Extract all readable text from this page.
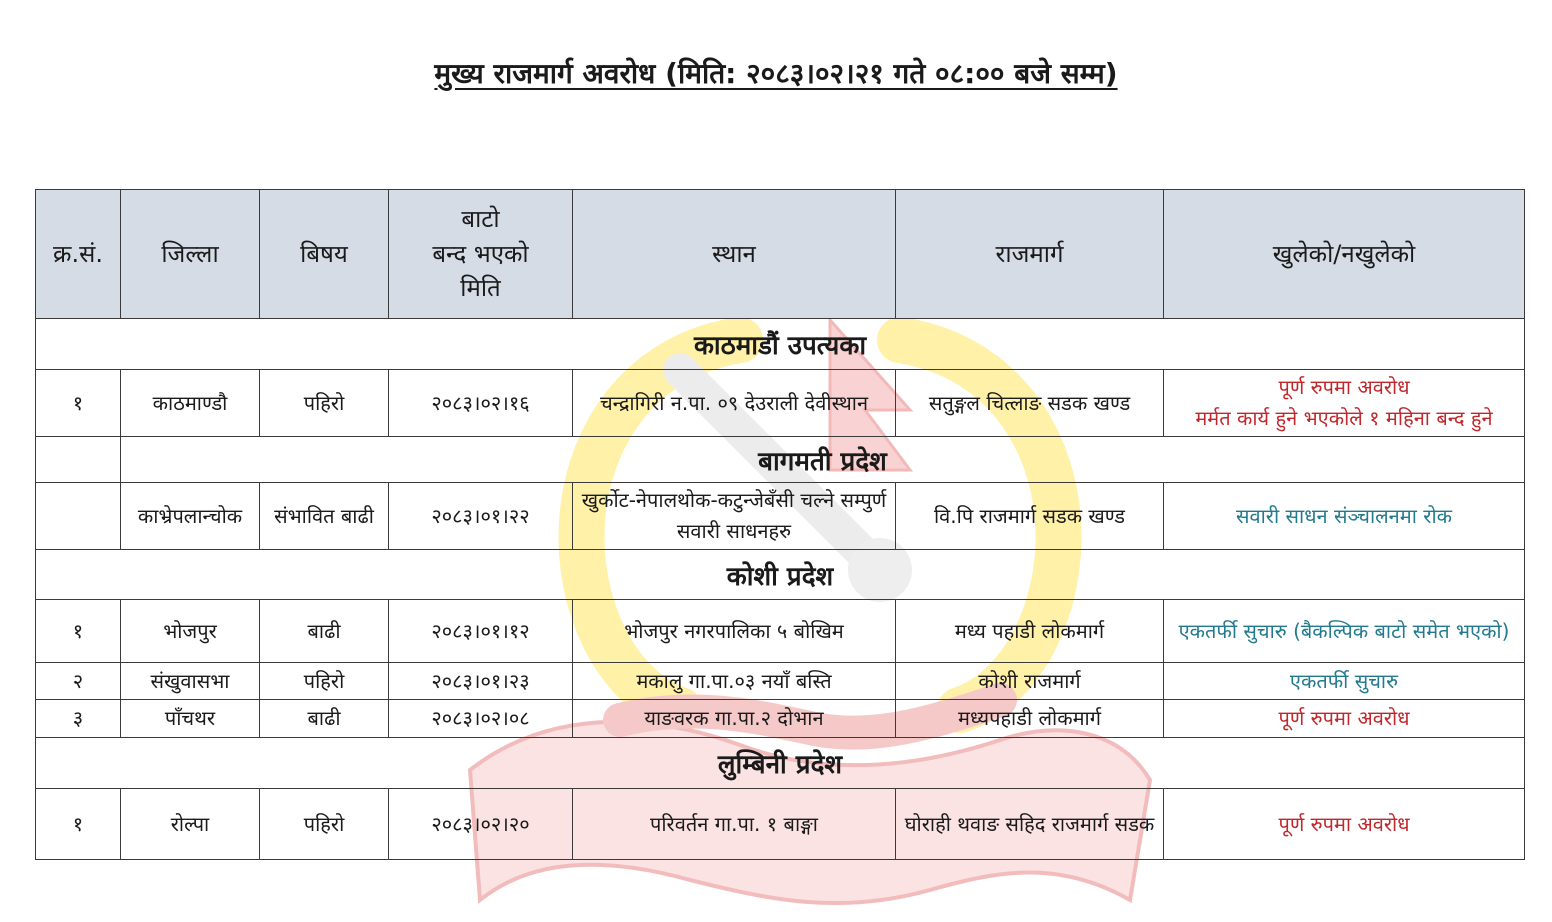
मुख्य राजमार्ग अवरोध (मिति: २०८३।०२।२१ गते ०८:०० बजे सम्म)
क्र.सं.	जिल्ला	बिषय	बाटो
बन्द भएको
मिति	स्थान	राजमार्ग	खुलेको/नखुलेको
काठमाडौं उपत्यका						
१	काठमाण्डौ	पहिरो	२०८३।०२।१६	चन्द्रागिरी न.पा. ०९ देउराली देवीस्थान	सतुङ्गल चित्लाङ सडक खण्ड	पूर्ण रुपमा अवरोध
मर्मत कार्य हुने भएकोले १ महिना बन्द हुने

	बागमती प्रदेश					
	काभ्रेपलान्चोक	संभावित बाढी	२०८३।०१।२२	खुर्कोट-नेपालथोक-कटुन्जेबँसी चल्ने सम्पुर्ण सवारी साधनहरु	वि.पि राजमार्ग सडक खण्ड	सवारी साधन संञ्चालनमा रोक
कोशी प्रदेश						
१	भोजपुर	बाढी	२०८३।०१।१२	भोजपुर नगरपालिका ५ बोखिम	मध्य पहाडी लोकमार्ग	एकतर्फी सुचारु (बैकल्पिक बाटो समेत भएको)
२	संखुवासभा	पहिरो	२०८३।०१।२३	मकालु गा.पा.०३ नयाँ बस्ति	कोशी राजमार्ग	एकतर्फी सुचारु
३	पाँचथर	बाढी	२०८३।०२।०८	याङवरक गा.पा.२ दोभान	मध्यपहाडी लोकमार्ग	पूर्ण रुपमा अवरोध
लुम्बिनी प्रदेश						
१	रोल्पा	पहिरो	२०८३।०२।२०	परिवर्तन गा.पा. १ बाङ्गा	घोराही थवाङ सहिद राजमार्ग सडक	पूर्ण रुपमा अवरोध
